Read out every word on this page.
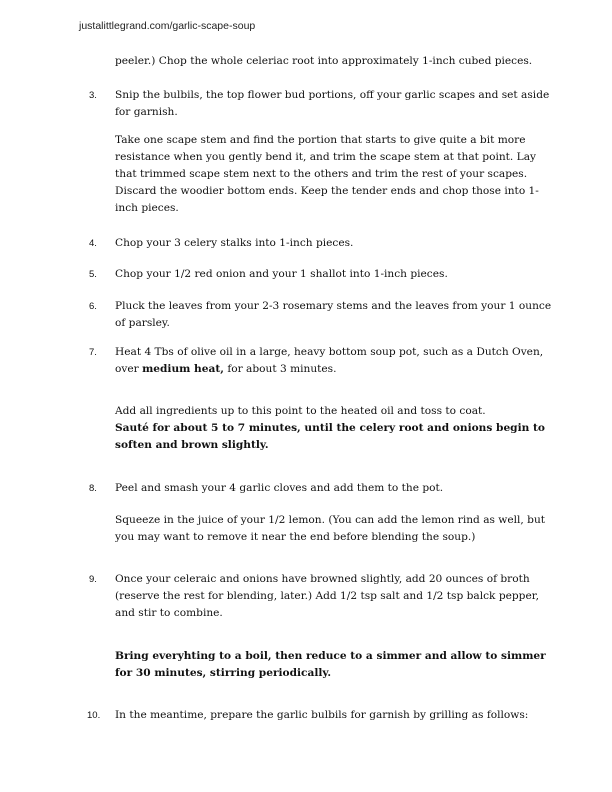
justalittlegrand.com/garlic-scape-soup
peeler.) Chop the whole celeriac root into approximately 1-inch cubed pieces.
3.	Snip the bulbils, the top flower bud portions, off your garlic scapes and set aside for garnish.
Take one scape stem and find the portion that starts to give quite a bit more resistance when you gently bend it, and trim the scape stem at that point. Lay that trimmed scape stem next to the others and trim the rest of your scapes. Discard the woodier bottom ends. Keep the tender ends and chop those into 1-inch pieces.
4.	Chop your 3 celery stalks into 1-inch pieces.
5.	Chop your 1/2 red onion and your 1 shallot into 1-inch pieces.
6.	Pluck the leaves from your 2-3 rosemary stems and the leaves from your 1 ounce of parsley.
7.	Heat 4 Tbs of olive oil in a large, heavy bottom soup pot, such as a Dutch Oven, over medium heat, for about 3 minutes.
Add all ingredients up to this point to the heated oil and toss to coat.
Sauté for about 5 to 7 minutes, until the celery root and onions begin to soften and brown slightly.
8.	Peel and smash your 4 garlic cloves and add them to the pot.
Squeeze in the juice of your 1/2 lemon. (You can add the lemon rind as well, but you may want to remove it near the end before blending the soup.)
9.	Once your celeraic and onions have browned slightly, add 20 ounces of broth (reserve the rest for blending, later.) Add 1/2 tsp salt and 1/2 tsp balck pepper, and stir to combine.
Bring everyhting to a boil, then reduce to a simmer and allow to simmer for 30 minutes, stirring periodically.
10.	In the meantime, prepare the garlic bulbils for garnish by grilling as follows:
